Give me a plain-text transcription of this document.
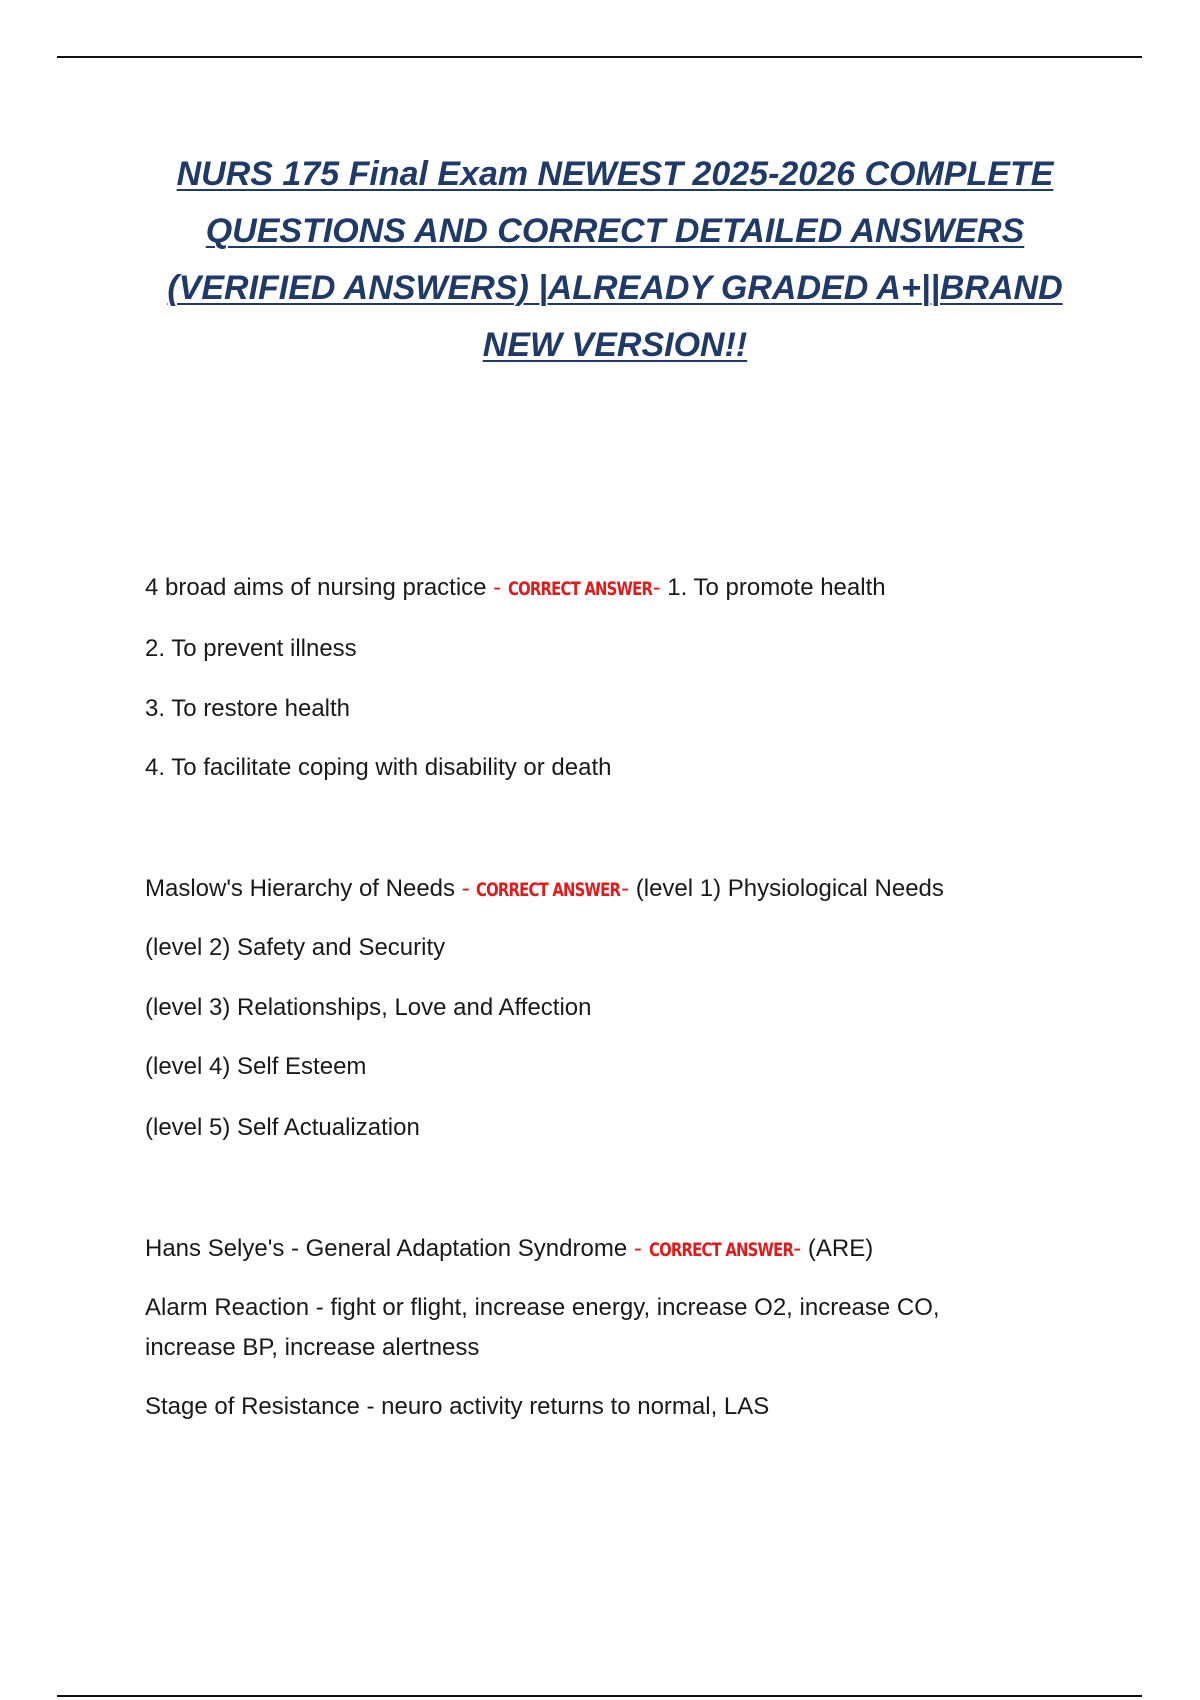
NURS 175 Final Exam NEWEST 2025-2026 COMPLETE
QUESTIONS AND CORRECT DETAILED ANSWERS
(VERIFIED ANSWERS) |ALREADY GRADED A+||BRAND
NEW VERSION!!
4 broad aims of nursing practice - CORRECT ANSWER- 1. To promote health
2. To prevent illness
3. To restore health
4. To facilitate coping with disability or death
Maslow's Hierarchy of Needs - CORRECT ANSWER- (level 1) Physiological Needs
(level 2) Safety and Security
(level 3) Relationships, Love and Affection
(level 4) Self Esteem
(level 5) Self Actualization
Hans Selye's - General Adaptation Syndrome - CORRECT ANSWER- (ARE)
Alarm Reaction - fight or flight, increase energy, increase O2, increase CO, increase BP, increase alertness
Stage of Resistance - neuro activity returns to normal, LAS
